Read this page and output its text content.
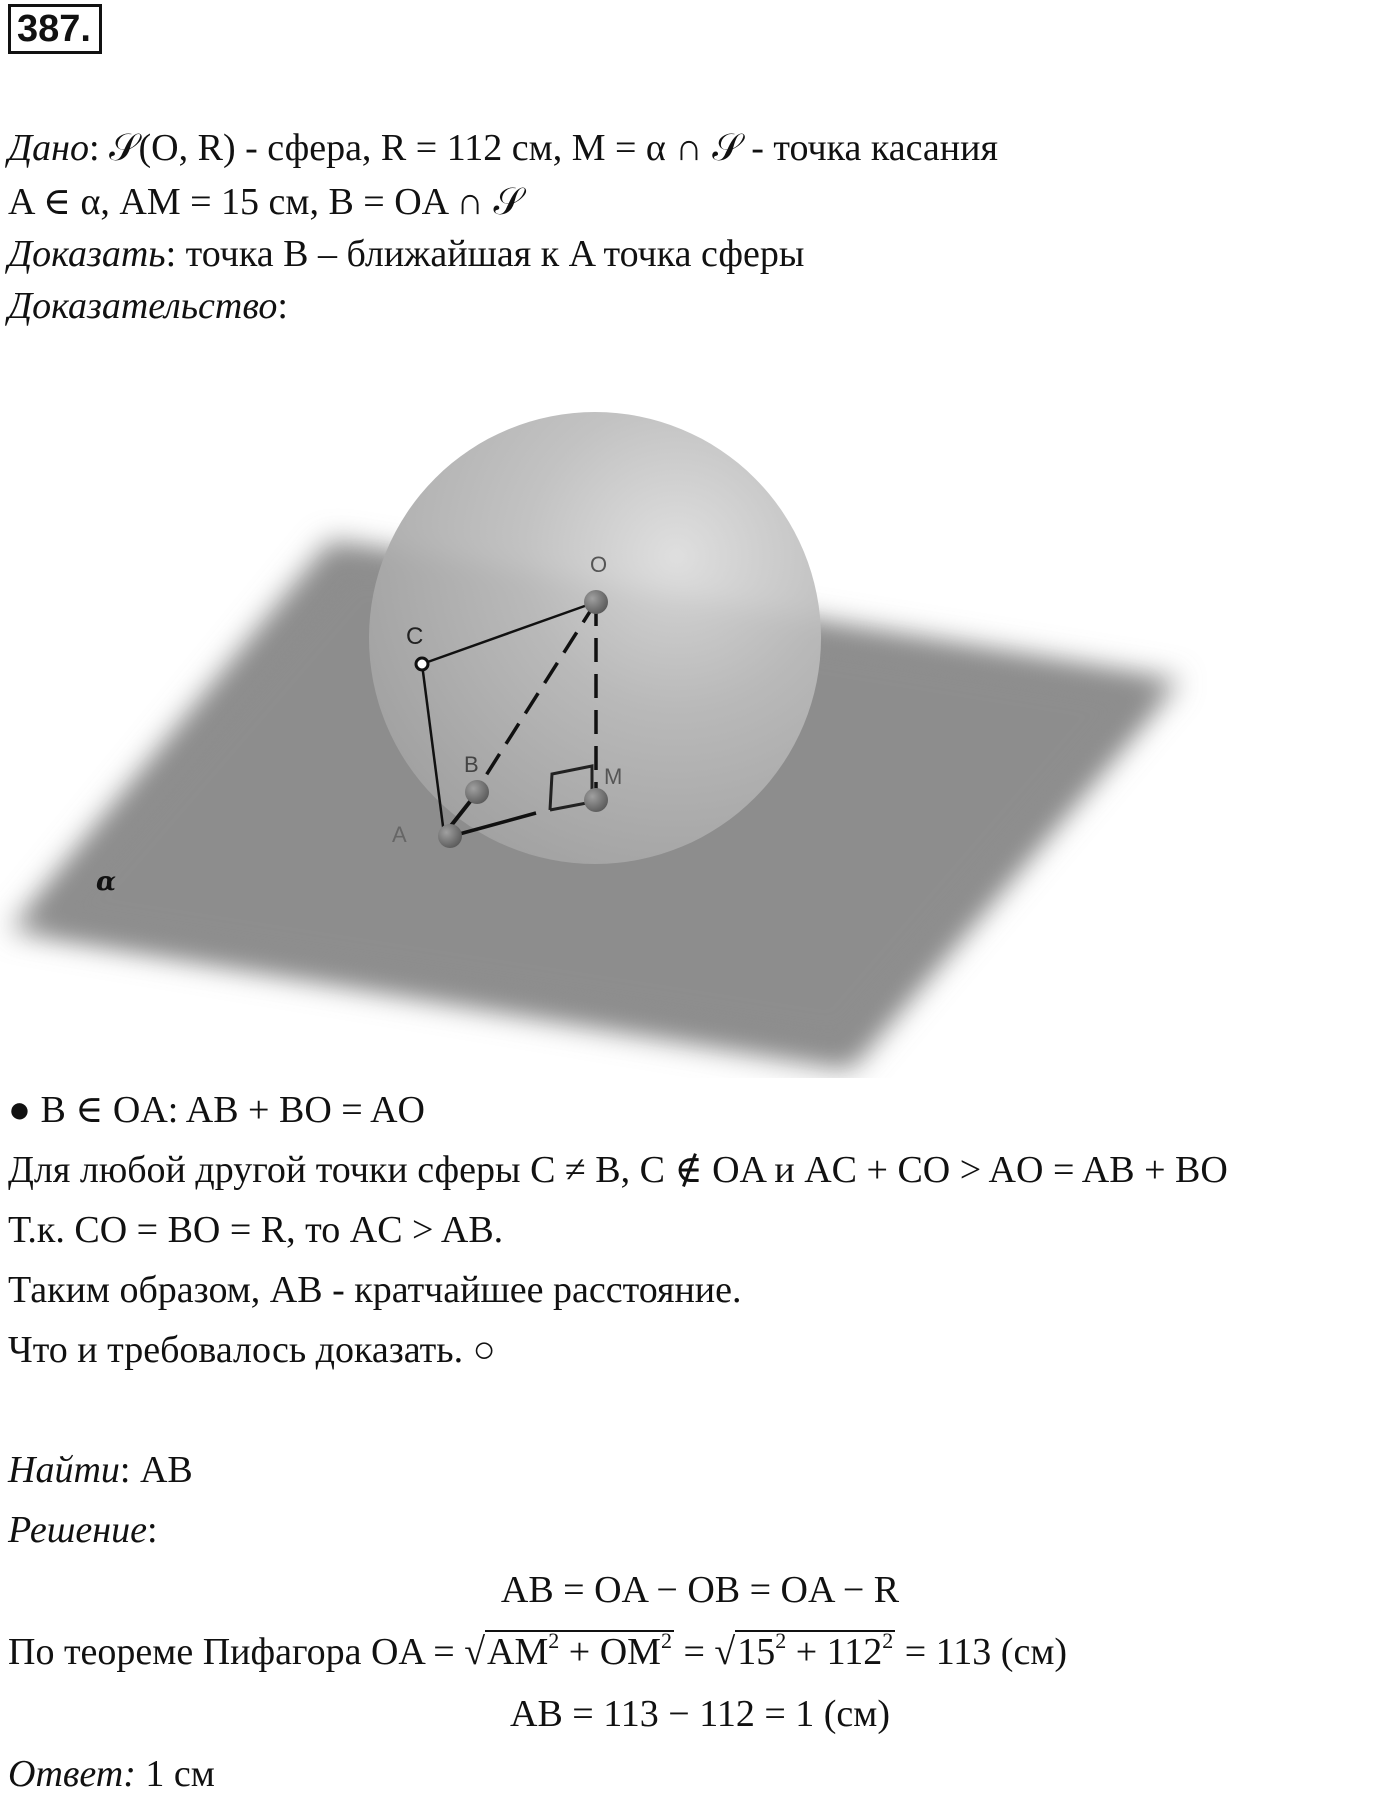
387.
Дано: 𝒮(O, R) - сфера, R = 112 см, M = α ∩ 𝒮 - точка касания
A ∈ α, AM = 15 см, B = OA ∩ 𝒮
Доказать: точка B – ближайшая к A точка сферы
Доказательство:
O
C
B	M
A
α
● B ∈ OA: AB + BO = AO
Для любой другой точки сферы C ≠ B, C ∉ OA и AC + CO > AO = AB + BO
Т.к. CO = BO = R, то AC > AB.
Таким образом, AB - кратчайшее расстояние.
Что и требовалось доказать. ○
Найти: AB
Решение:
AB = OA − OB = OA − R
По теореме Пифагора OA = $√AM^2 + OM^2 = √15^2 + 112^2 = 113$ (см)
AB = 113 − 112 = 1 (см)
Ответ: 1 см
